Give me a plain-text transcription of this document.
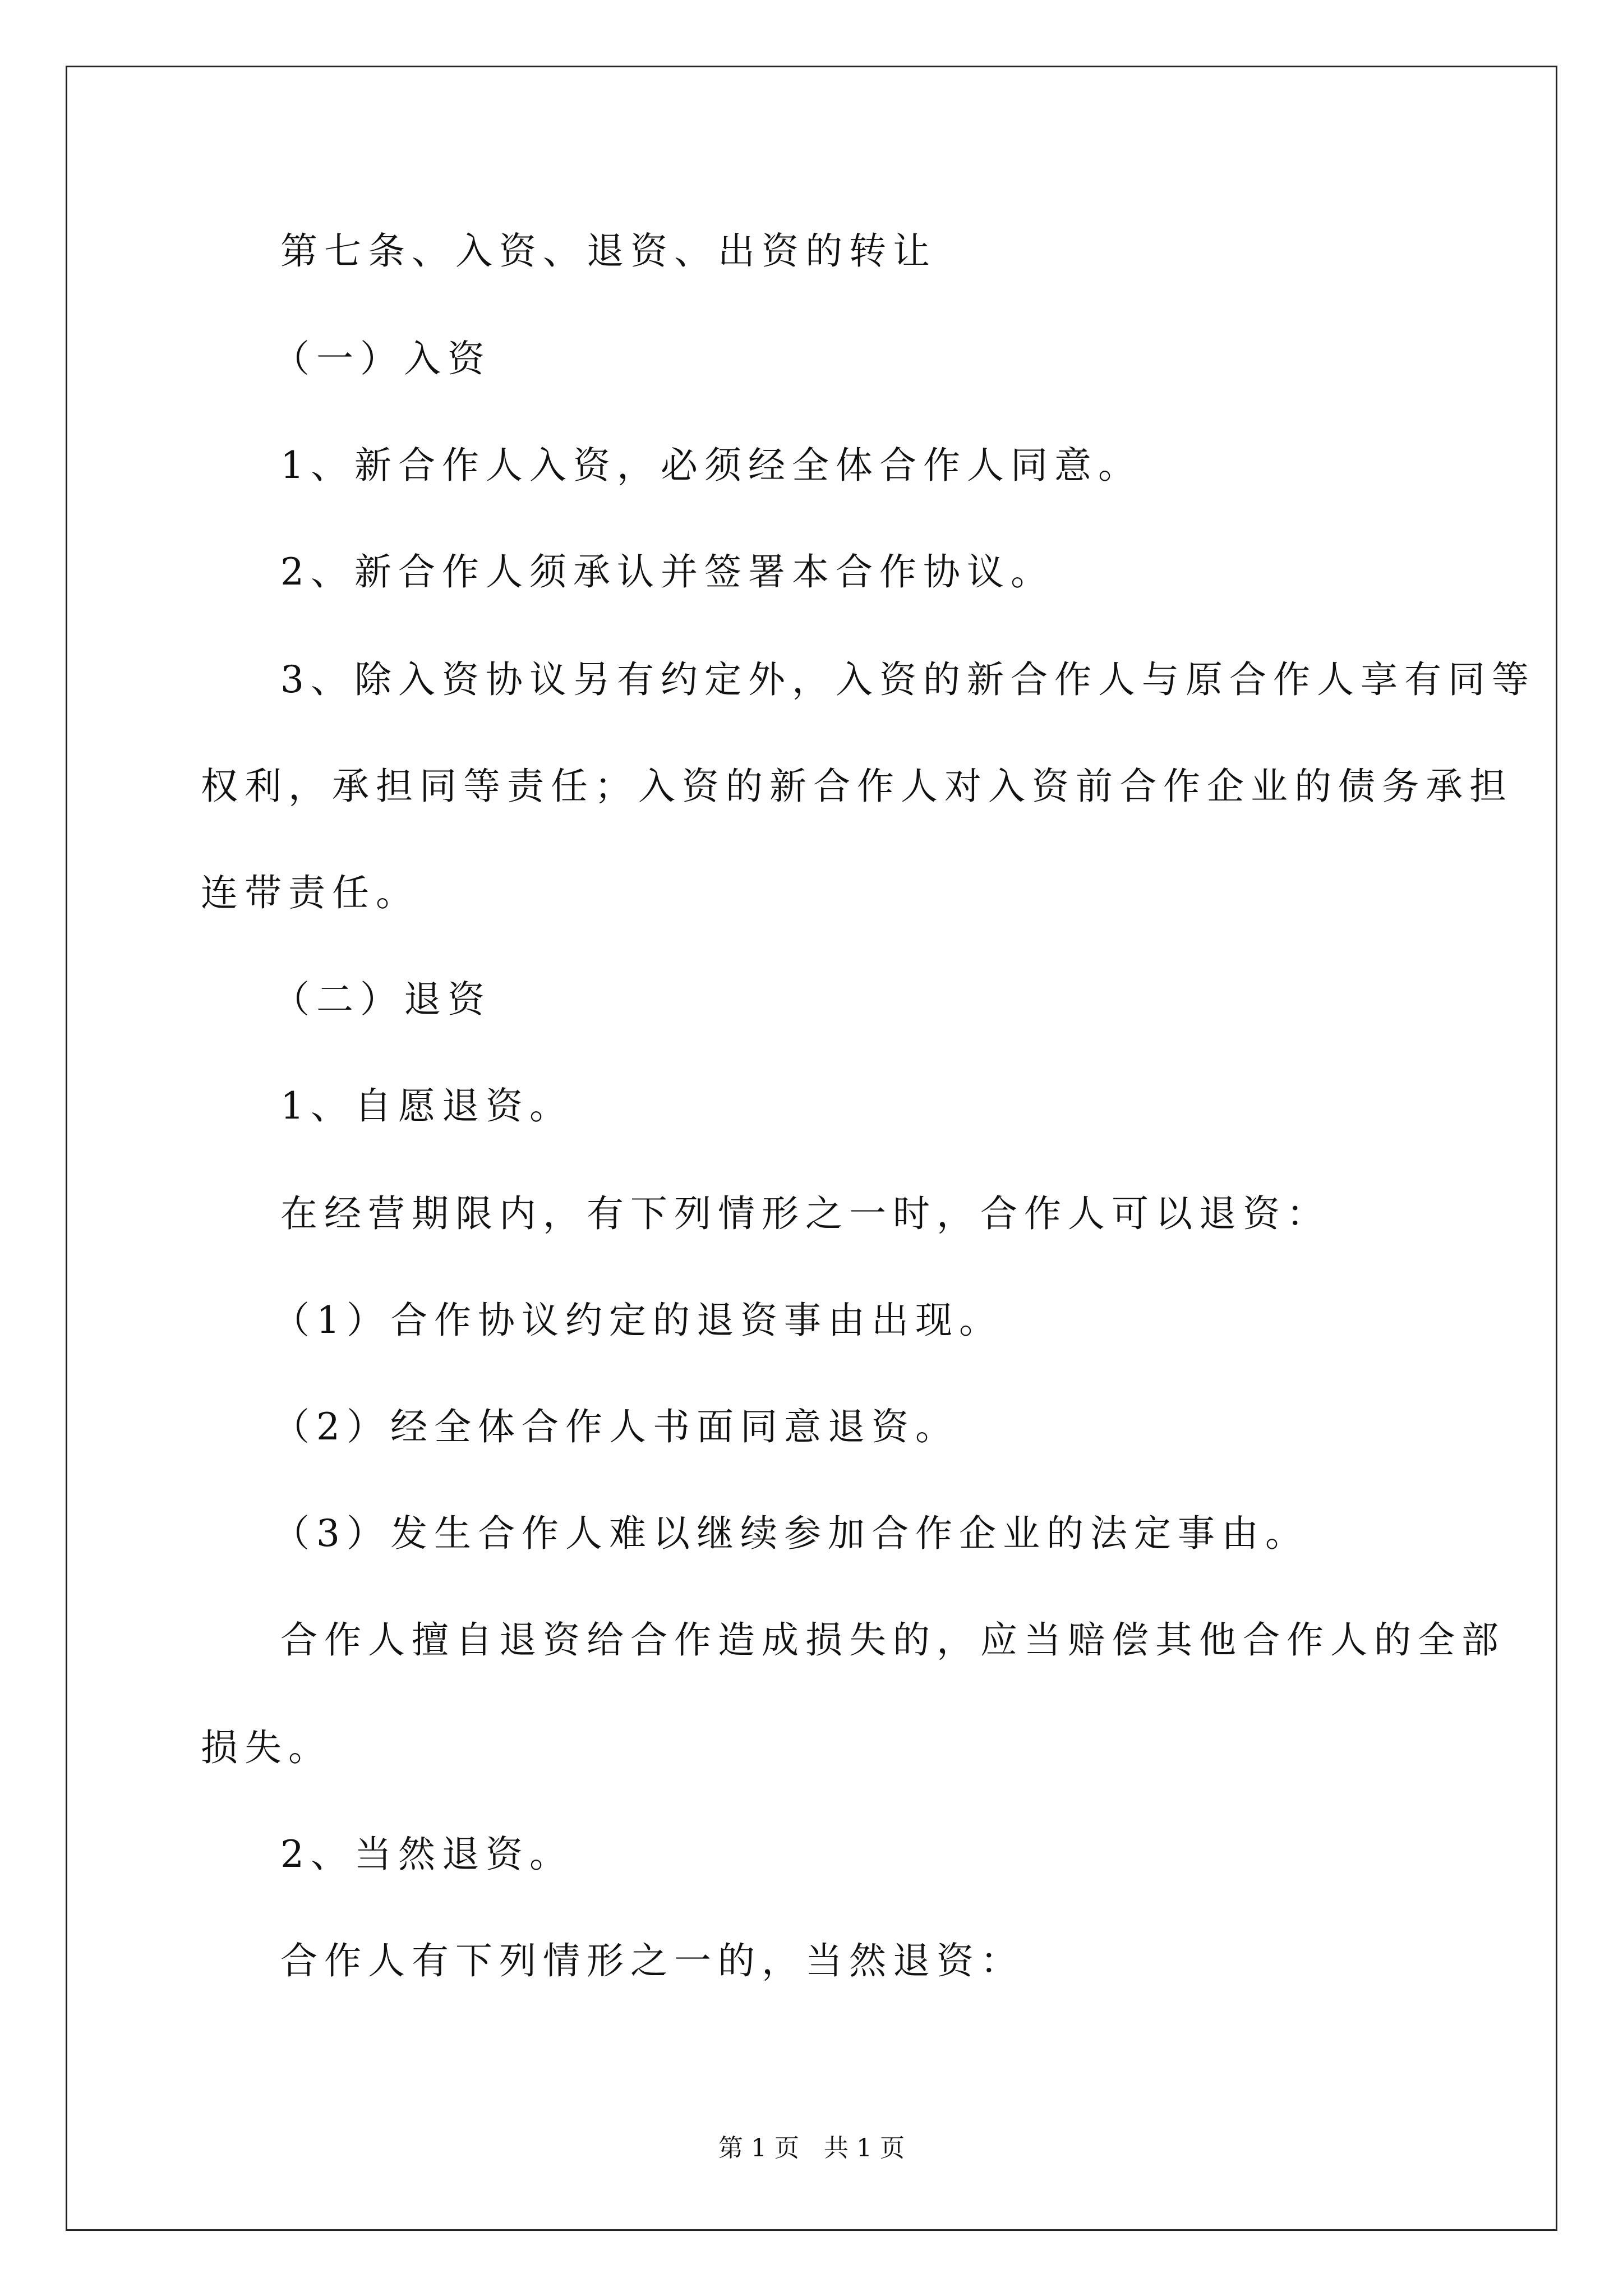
第七条、入资、退资、出资的转让
（一）入资
1、新合作人入资，必须经全体合作人同意。
2、新合作人须承认并签署本合作协议。
3、除入资协议另有约定外，入资的新合作人与原合作人享有同等
权利，承担同等责任；入资的新合作人对入资前合作企业的债务承担
连带责任。
（二）退资
1、自愿退资。
在经营期限内，有下列情形之一时，合作人可以退资：
（1）合作协议约定的退资事由出现。
（2）经全体合作人书面同意退资。
（3）发生合作人难以继续参加合作企业的法定事由。
合作人擅自退资给合作造成损失的，应当赔偿其他合作人的全部
损失。
2、当然退资。
合作人有下列情形之一的，当然退资：
第 1 页　共 1 页
